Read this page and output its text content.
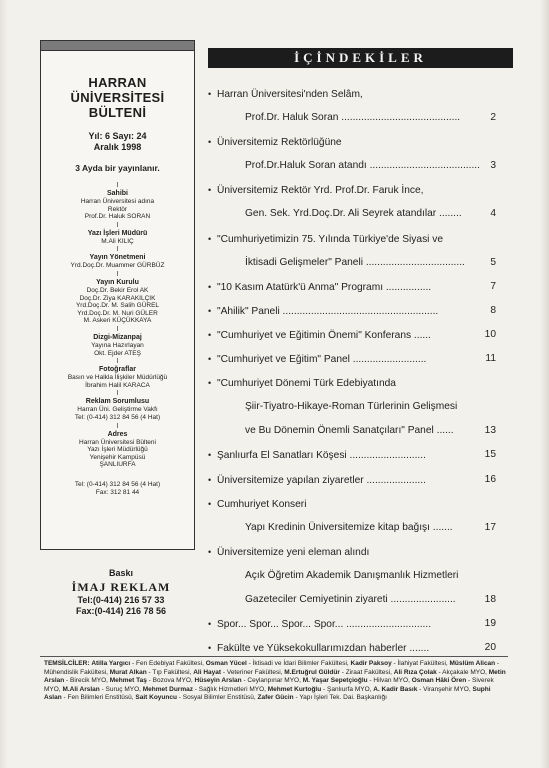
HARRAN
ÜNİVERSİTESİ
BÜLTENİ
Yıl: 6 Sayı: 24
Aralık 1998
3 Ayda bir yayınlanır.
I
Sahibi
Harran Üniversitesi adına
Rektör
Prof.Dr. Haluk SORAN
I
Yazı İşleri Müdürü
M.Ali KILIÇ
I
Yayın Yönetmeni
Yrd.Doç.Dr. Muammer GÜRBÜZ
I
Yayın Kurulu
Doç.Dr. Bekir Erol AK
Doç.Dr. Ziya KARAKILÇIK
Yrd.Doç.Dr. M. Salih GÜREL
Yrd.Doç.Dr. M. Nuri GÜLER
M. Askeri KÜÇÜKKAYA
I
Dizgi-Mizanpaj
Yayına Hazırlayan
Okt. Ejder ATEŞ
I
Fotoğraflar
Basın ve Halkla İlişkiler Müdürlüğü
İbrahim Halil KARACA
I
Reklam Sorumlusu
Harran Üni. Geliştirme Vakfı
Tel: (0-414) 312 84 56 (4 Hat)
I
Adres
Harran Üniversitesi Bülteni
Yazı İşleri Müdürlüğü
Yenişehir Kampüsü
ŞANLIURFA
Tel: (0-414) 312 84 56 (4 Hat)
Fax: 312 81 44
Baskı
İMAJ REKLAM
Tel:(0-414) 216 57 33
Fax:(0-414) 216 78 56
İÇİNDEKİLER
• Harran Üniversitesi'nden Selâm,
Prof.Dr. Haluk Soran ..........................................	2
• Üniversitemiz Rektörlüğüne
Prof.Dr.Haluk Soran atandı ....................................... 3
• Üniversitemiz Rektör Yrd. Prof.Dr. Faruk İnce,
Gen. Sek. Yrd.Doç.Dr. Ali Seyrek atandılar ........	4
• "Cumhuriyetimizin 75. Yılında Türkiye'de Siyasi ve
İktisadi Gelişmeler" Paneli ................................... 5
• "10 Kasım Atatürk'ü Anma" Programı ................	7
• "Ahilik" Paneli .......................................................	8
• "Cumhuriyet ve Eğitimin Önemi" Konferans ......	10
• "Cumhuriyet ve Eğitim" Panel ..........................	11
• "Cumhuriyet Dönemi Türk Edebiyatında
Şiir-Tiyatro-Hikaye-Roman Türlerinin Gelişmesi
ve Bu Dönemin Önemli Sanatçıları" Panel ......	13
• Şanlıurfa El Sanatları Köşesi ...........................	15
• Üniversitemize yapılan ziyaretler .....................	16
• Cumhuriyet Konseri
Yapı Kredinin Üniversitemize kitap bağışı .......	17
• Üniversitemize yeni eleman alındı
Açık Öğretim Akademik Danışmanlık Hizmetleri
Gazeteciler Cemiyetinin ziyareti .......................	18
• Spor... Spor... Spor... Spor... ..............................	19
• Fakülte ve Yüksekokullarımızdan haberler .......	20
TEMSİLCİLER: Atilla Yargıcı - Fen Edebiyat Fakültesi, Osman Yücel - İktisadi ve İdari Bilimler Fakültesi, Kadir Paksoy - İlahiyat Fakültesi, Müslüm Alican - Mühendislik Fakültesi, Murat Alkan - Tıp Fakültesi, Ali Hayat - Veteriner Fakültesi, M.Ertuğrul Güldür - Ziraat Fakültesi, Ali Rıza Çolak - Akçakale MYO, Metin Arslan - Birecik MYO, Mehmet Taş - Bozova MYO, Hüseyin Arslan - Ceylanpınar MYO, M. Yaşar Sepetçioğlu - Hilvan MYO, Osman Hâki Ören - Siverek MYO, M.Ali Arslan - Suruç MYO, Mehmet Durmaz - Sağlık Hizmetleri MYO, Mehmet Kurtoğlu - Şanlıurfa MYO, A. Kadir Basık - Viranşehir MYO, Suphi Aslan - Fen Bilimleri Enstitüsü, Sait Koyuncu - Sosyal Bilimler Enstitüsü, Zafer Gücin - Yapı İşleri Tek. Dai. Başkanlığı
